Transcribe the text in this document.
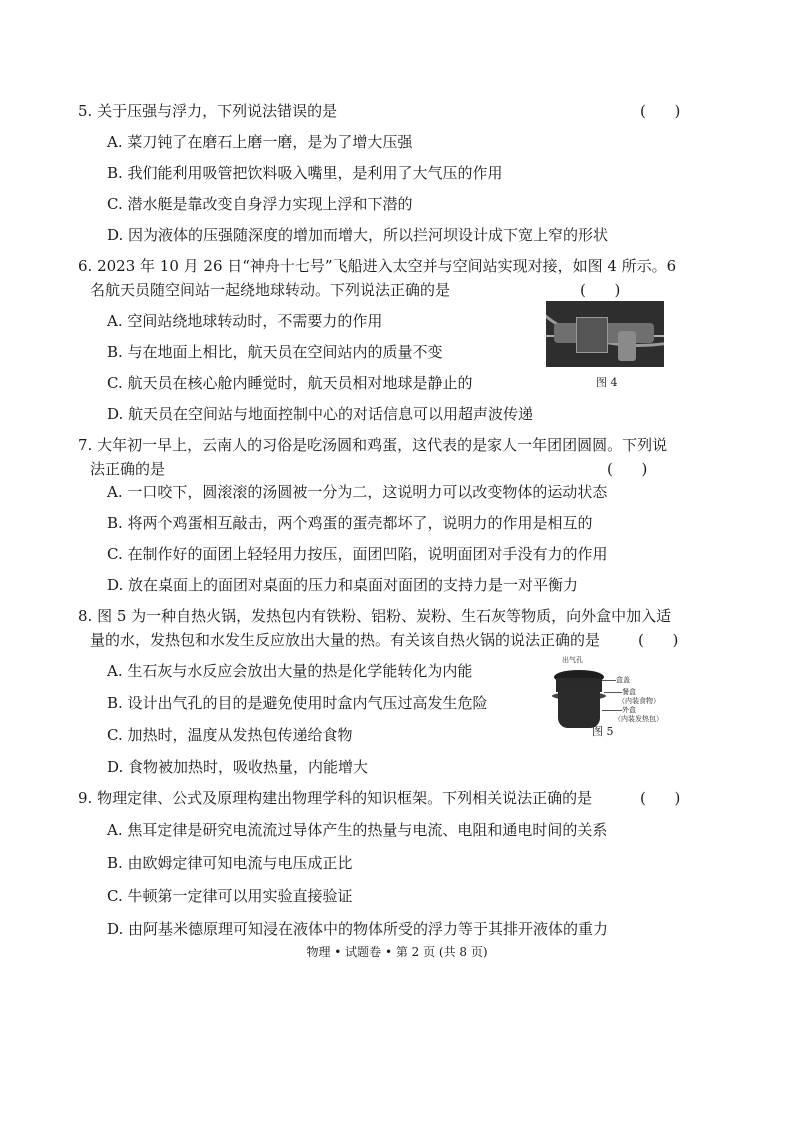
5. 关于压强与浮力，下列说法错误的是	(      )
A. 菜刀钝了在磨石上磨一磨，是为了增大压强
B. 我们能利用吸管把饮料吸入嘴里，是利用了大气压的作用
C. 潜水艇是靠改变自身浮力实现上浮和下潜的
D. 因为液体的压强随深度的增加而增大，所以拦河坝设计成下宽上窄的形状
6. 2023 年 10 月 26 日“神舟十七号”飞船进入太空并与空间站实现对接，如图 4 所示。6
名航天员随空间站一起绕地球转动。下列说法正确的是	(      )
A. 空间站绕地球转动时，不需要力的作用
B. 与在地面上相比，航天员在空间站内的质量不变
C. 航天员在核心舱内睡觉时，航天员相对地球是静止的
D. 航天员在空间站与地面控制中心的对话信息可以用超声波传递
图 4
7. 大年初一早上，云南人的习俗是吃汤圆和鸡蛋，这代表的是家人一年团团圆圆。下列说
法正确的是	(      )
A. 一口咬下，圆滚滚的汤圆被一分为二，这说明力可以改变物体的运动状态
B. 将两个鸡蛋相互敲击，两个鸡蛋的蛋壳都坏了，说明力的作用是相互的
C. 在制作好的面团上轻轻用力按压，面团凹陷，说明面团对手没有力的作用
D. 放在桌面上的面团对桌面的压力和桌面对面团的支持力是一对平衡力
8. 图 5 为一种自热火锅，发热包内有铁粉、铝粉、炭粉、生石灰等物质，向外盒中加入适
量的水，发热包和水发生反应放出大量的热。有关该自热火锅的说法正确的是	(      )
A. 生石灰与水反应会放出大量的热是化学能转化为内能
B. 设计出气孔的目的是避免使用时盒内气压过高发生危险
C. 加热时，温度从发热包传递给食物
D. 食物被加热时，吸收热量，内能增大
出气孔
盒盖
餐盒
（内装食物）
外盒
（内装发热包）
图 5
9. 物理定律、公式及原理构建出物理学科的知识框架。下列相关说法正确的是	(      )
A. 焦耳定律是研究电流流过导体产生的热量与电流、电阻和通电时间的关系
B. 由欧姆定律可知电流与电压成正比
C. 牛顿第一定律可以用实验直接验证
D. 由阿基米德原理可知浸在液体中的物体所受的浮力等于其排开液体的重力
物理 • 试题卷 • 第 2 页 (共 8 页)
